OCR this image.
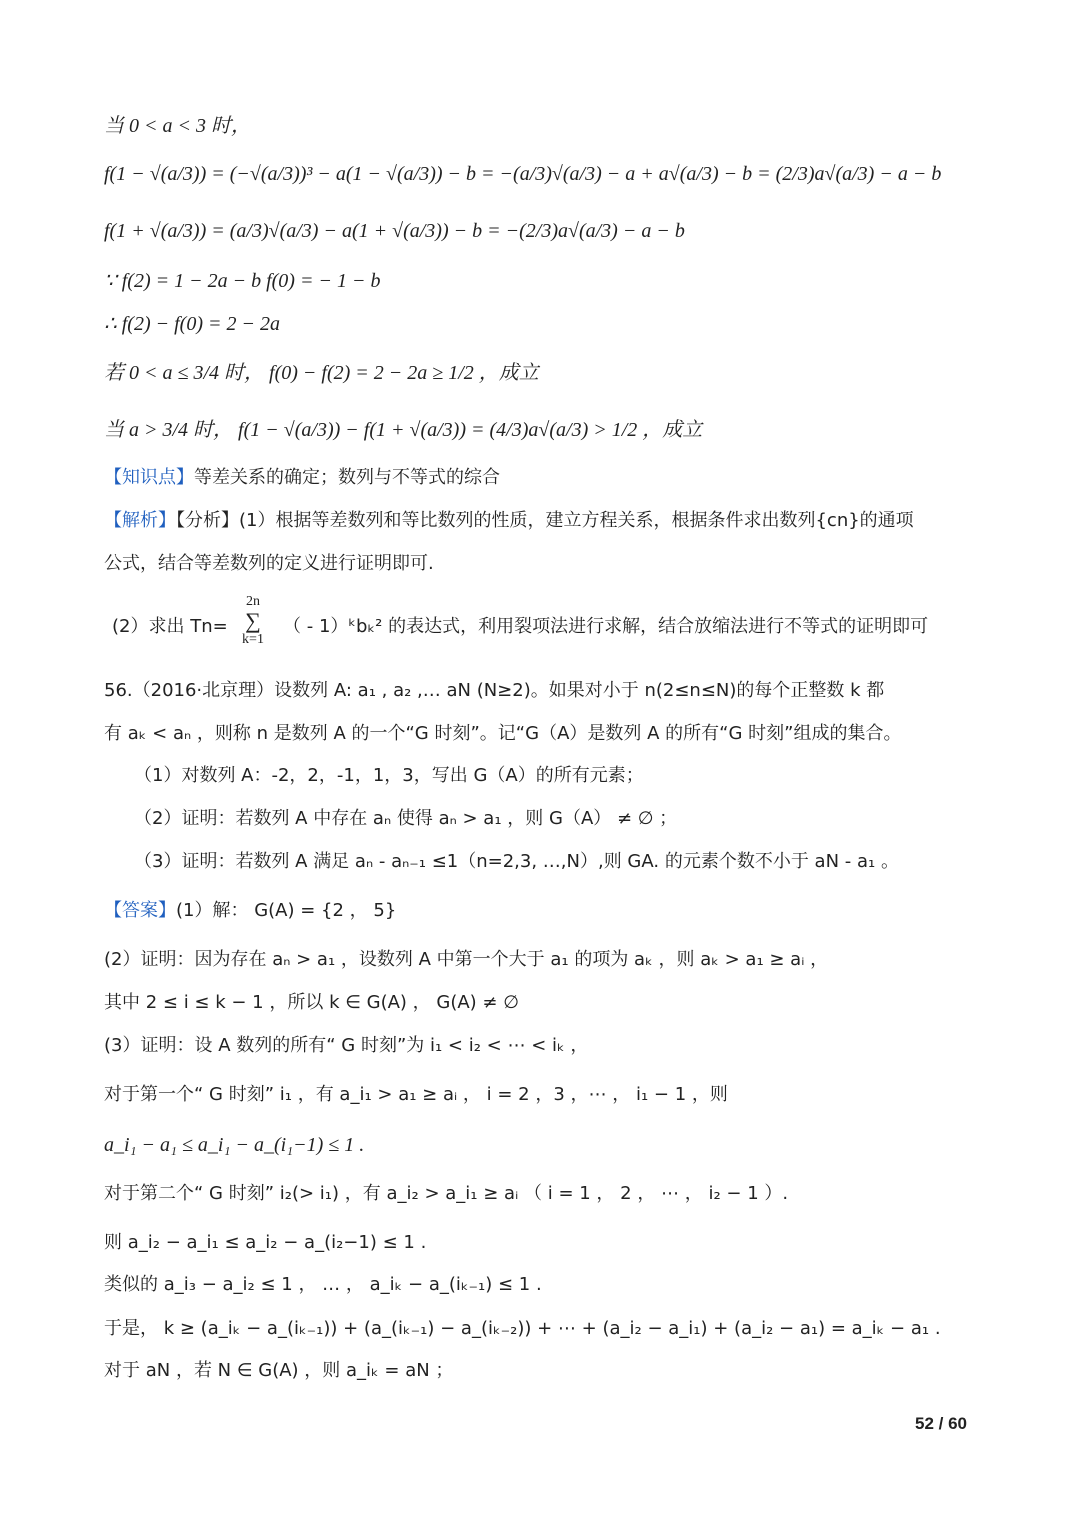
当 0 < a < 3 时，
f(1 − √(a/3)) = (−√(a/3))³ − a(1 − √(a/3)) − b = −(a/3)√(a/3) − a + a√(a/3) − b = (2/3)a√(a/3) − a − b
f(1 + √(a/3)) = (a/3)√(a/3) − a(1 + √(a/3)) − b = −(2/3)a√(a/3) − a − b
∵ f(2) = 1 − 2a − b f(0) = − 1 − b
∴ f(2) − f(0) = 2 − 2a
若 0 < a ≤ 3/4 时， f(0) − f(2) = 2 − 2a ≥ 1/2 ，成立
当 a > 3/4 时， f(1 − √(a/3)) − f(1 + √(a/3)) = (4/3)a√(a/3) > 1/2 ，成立
【知识点】等差关系的确定；数列与不等式的综合
【解析】【分析】(1）根据等差数列和等比数列的性质，建立方程关系，根据条件求出数列{cn}的通项
公式，结合等差数列的定义进行证明即可.
(2）求出 Tn=
2n
∑
k=1
（ - 1）ᵏbₖ² 的表达式，利用裂项法进行求解，结合放缩法进行不等式的证明即可
56.（2016·北京理）设数列 A: a₁ , a₂ ,… aN (N≥2)。如果对小于 n(2≤n≤N)的每个正整数 k 都
有 aₖ < aₙ ，则称 n 是数列 A 的一个“G 时刻”。记“G（A）是数列 A 的所有“G 时刻”组成的集合。
（1）对数列 A：-2，2，-1，1，3，写出 G（A）的所有元素；
（2）证明：若数列 A 中存在 aₙ 使得 aₙ > a₁ ，则 G（A） ≠ ∅ ；
（3）证明：若数列 A 满足 aₙ - aₙ₋₁ ≤1（n=2,3, …,N）,则 GA. 的元素个数不小于 aN - a₁ 。
【答案】(1）解： G(A) = {2 ， 5}
(2）证明：因为存在 aₙ > a₁ ，设数列 A 中第一个大于 a₁ 的项为 aₖ ，则 aₖ > a₁ ≥ aᵢ ，
其中 2 ≤ i ≤ k − 1 ，所以 k ∈ G(A) ， G(A) ≠ ∅
(3）证明：设 A 数列的所有“ G 时刻”为 i₁ < i₂ < ⋯ < iₖ ，
对于第一个“ G 时刻” i₁ ，有 a_i₁ > a₁ ≥ aᵢ ， i = 2 ，3 ，⋯ ， i₁ − 1 ，则
a_i₁ − a₁ ≤ a_i₁ − a_(i₁−1) ≤ 1 .
对于第二个“ G 时刻” i₂(> i₁) ，有 a_i₂ > a_i₁ ≥ aᵢ （ i = 1 ， 2 ， ⋯ ， i₂ − 1 ）.
则 a_i₂ − a_i₁ ≤ a_i₂ − a_(i₂−1) ≤ 1 .
类似的 a_i₃ − a_i₂ ≤ 1 ， … ， a_iₖ − a_(iₖ₋₁) ≤ 1 .
于是， k ≥ (a_iₖ − a_(iₖ₋₁)) + (a_(iₖ₋₁) − a_(iₖ₋₂)) + ⋯ + (a_i₂ − a_i₁) + (a_i₂ − a₁) = a_iₖ − a₁ .
对于 aN ，若 N ∈ G(A) ，则 a_iₖ = aN ；
52 / 60
